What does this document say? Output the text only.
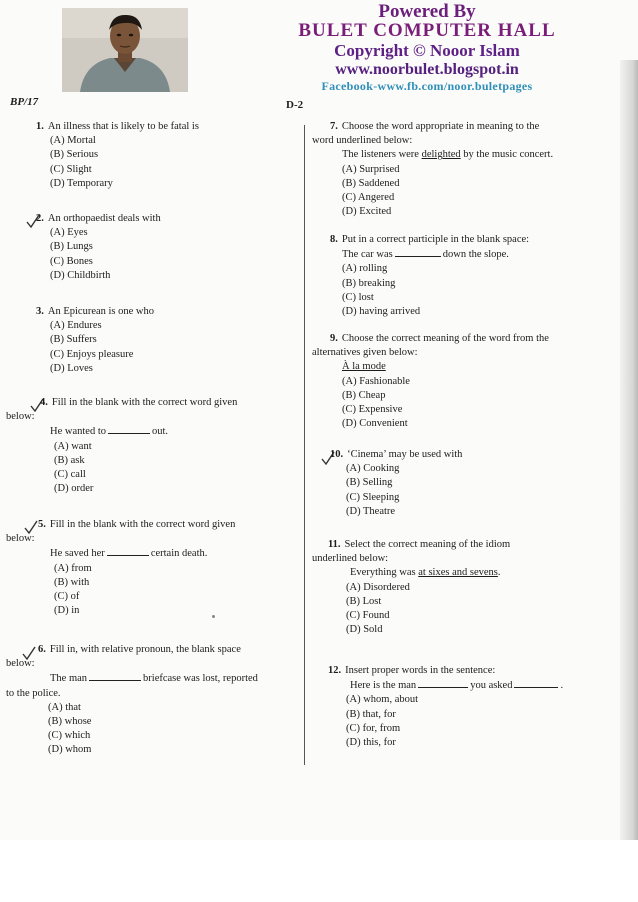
Powered By
BULET COMPUTER HALL
Copyright © Nooor Islam
www.noorbulet.blogspot.in
Facebook-www.fb.com/noor.buletpages
BP/17	D-2
1. An illness that is likely to be fatal is
(A) Mortal
(B) Serious
(C) Slight
(D) Temporary
2. An orthopaedist deals with
(A) Eyes
(B) Lungs
(C) Bones
(D) Childbirth
3. An Epicurean is one who
(A) Endures
(B) Suffers
(C) Enjoys pleasure
(D) Loves
4. Fill in the blank with the correct word given
below:
He wanted to	out.
(A) want
(B) ask
(C) call
(D) order
5. Fill in the blank with the correct word given
below:
He saved her	certain death.
(A) from
(B) with
(C) of
(D) in
6. Fill in, with relative pronoun, the blank space
below:
The man	briefcase was lost, reported
to the police.
(A) that
(B) whose
(C) which
(D) whom
7. Choose the word appropriate in meaning to the
word underlined below:
The listeners were delighted by the music concert.
(A) Surprised
(B) Saddened
(C) Angered
(D) Excited
8. Put in a correct participle in the blank space:
The car was	down the slope.
(A) rolling
(B) breaking
(C) lost
(D) having arrived
9. Choose the correct meaning of the word from the
alternatives given below:
À la mode
(A) Fashionable
(B) Cheap
(C) Expensive
(D) Convenient
10. ‘Cinema’ may be used with
(A) Cooking
(B) Selling
(C) Sleeping
(D) Theatre
11. Select the correct meaning of the idiom
underlined below:
Everything was at sixes and sevens.
(A) Disordered
(B) Lost
(C) Found
(D) Sold
12. Insert proper words in the sentence:
Here is the man	you asked	.
(A) whom, about
(B) that, for
(C) for, from
(D) this, for
